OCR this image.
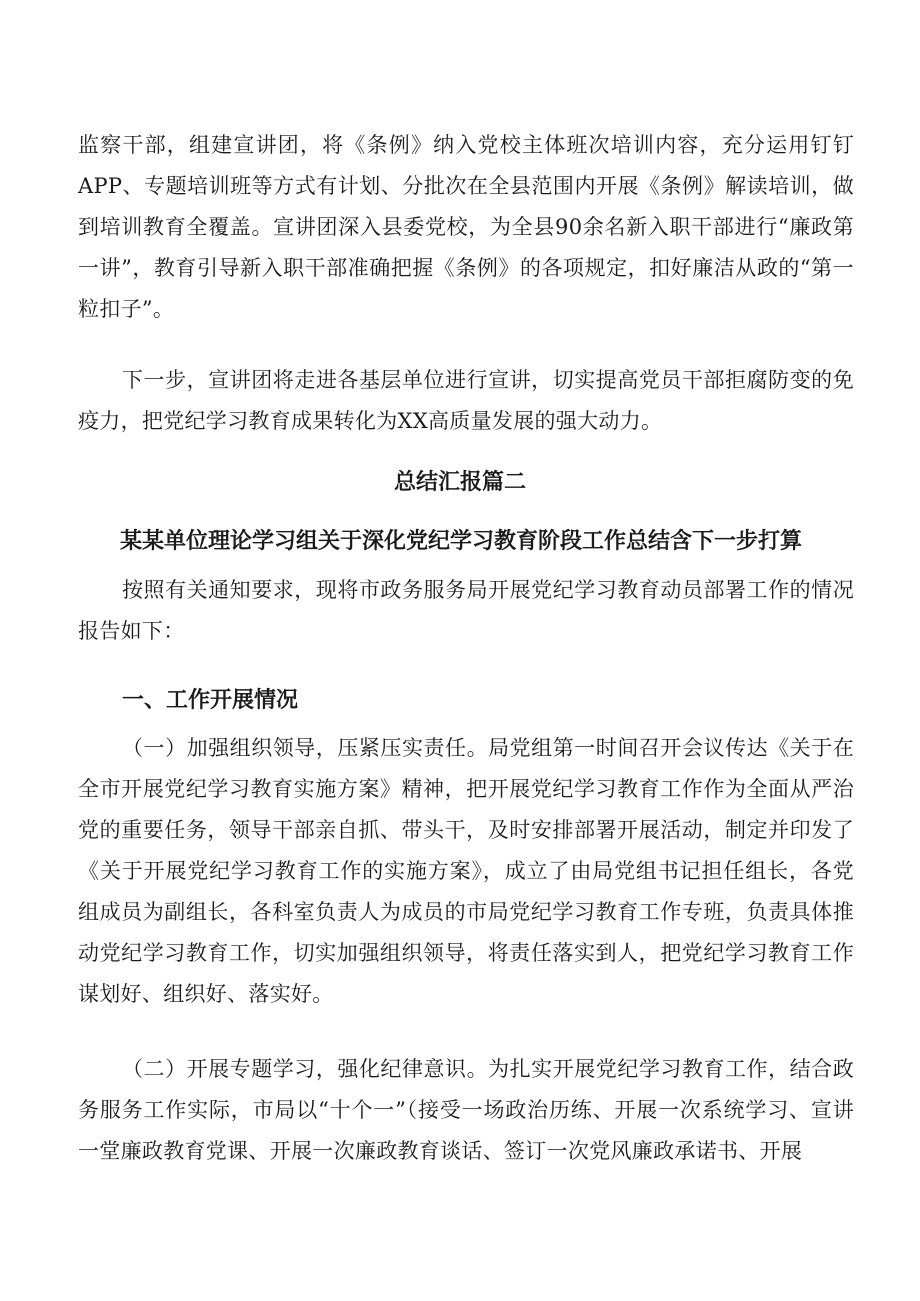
监察干部，组建宣讲团，将《条例》纳入党校主体班次培训内容，充分运用钉钉APP、专题培训班等方式有计划、分批次在全县范围内开展《条例》解读培训，做到培训教育全覆盖。宣讲团深入县委党校，为全县90余名新入职干部进行“廉政第一讲”，教育引导新入职干部准确把握《条例》的各项规定，扣好廉洁从政的“第一粒扣子”。

下一步，宣讲团将走进各基层单位进行宣讲，切实提高党员干部拒腐防变的免疫力，把党纪学习教育成果转化为XX高质量发展的强大动力。

总结汇报篇二
某某单位理论学习组关于深化党纪学习教育阶段工作总结含下一步打算

按照有关通知要求，现将市政务服务局开展党纪学习教育动员部署工作的情况报告如下：

一、工作开展情况

（一）加强组织领导，压紧压实责任。局党组第一时间召开会议传达《关于在全市开展党纪学习教育实施方案》精神，把开展党纪学习教育工作作为全面从严治党的重要任务，领导干部亲自抓、带头干，及时安排部署开展活动，制定并印发了《关于开展党纪学习教育工作的实施方案》，成立了由局党组书记担任组长，各党组成员为副组长，各科室负责人为成员的市局党纪学习教育工作专班，负责具体推动党纪学习教育工作，切实加强组织领导，将责任落实到人，把党纪学习教育工作谋划好、组织好、落实好。

（二）开展专题学习，强化纪律意识。为扎实开展党纪学习教育工作，结合政务服务工作实际，市局以“十个一”（接受一场政治历练、开展一次系统学习、宣讲一堂廉政教育党课、开展一次廉政教育谈话、签订一次党风廉政承诺书、开展
